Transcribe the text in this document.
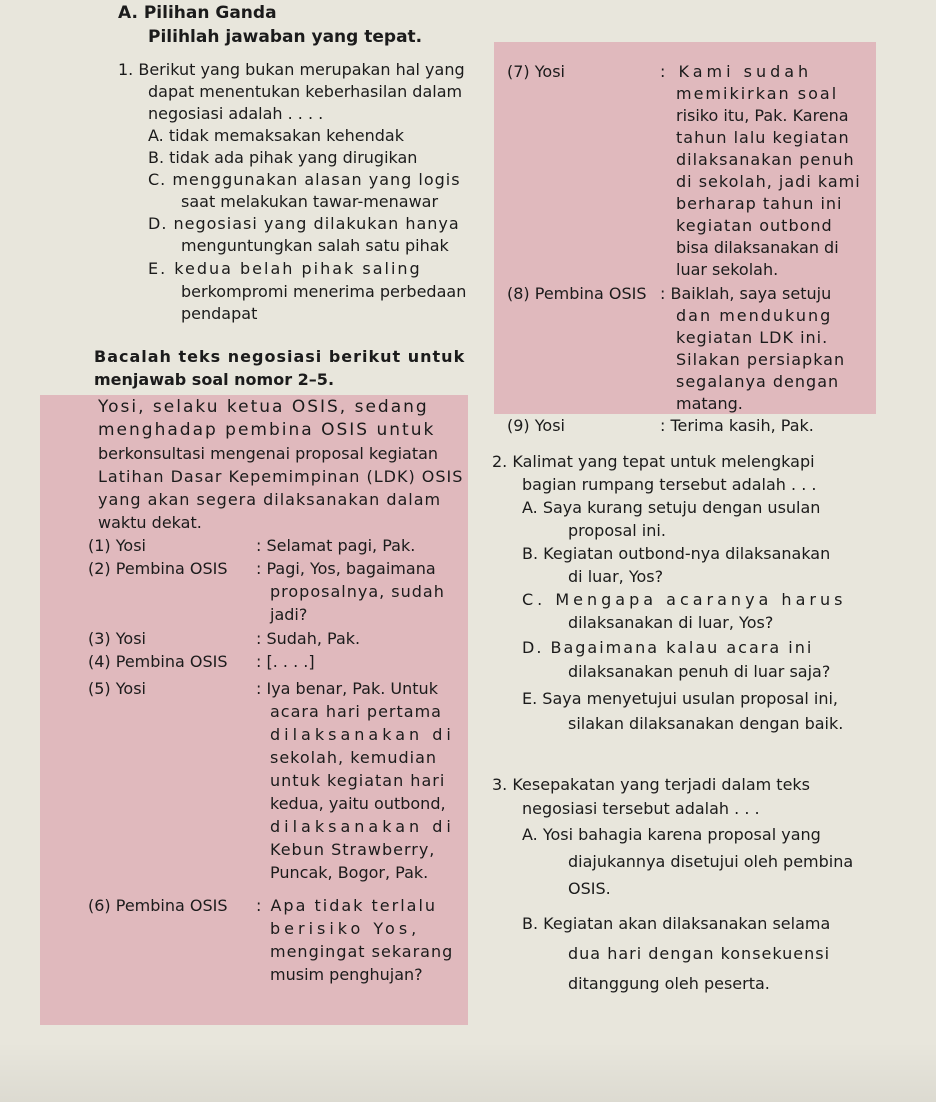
A. Pilihan Ganda
Pilihlah jawaban yang tepat.
1. Berikut yang bukan merupakan hal yang
dapat menentukan keberhasilan dalam
negosiasi adalah . . . .
A. tidak memaksakan kehendak
B. tidak ada pihak yang dirugikan
C. menggunakan alasan yang logis
saat melakukan tawar-menawar
D. negosiasi yang dilakukan hanya
menguntungkan salah satu pihak
E. kedua belah pihak saling
berkompromi menerima perbedaan
pendapat
Bacalah teks negosiasi berikut untuk
menjawab soal nomor 2–5.
Yosi, selaku ketua OSIS, sedang
menghadap pembina OSIS untuk
berkonsultasi mengenai proposal kegiatan
Latihan Dasar Kepemimpinan (LDK) OSIS
yang akan segera dilaksanakan dalam
waktu dekat.
(1) Yosi	: Selamat pagi, Pak.
(2) Pembina OSIS : Pagi, Yos, bagaimana
proposalnya, sudah
jadi?
(3) Yosi	: Sudah, Pak.
(4) Pembina OSIS : [. . . .]
(5) Yosi	: Iya benar, Pak. Untuk
acara hari pertama
dilaksanakan di
sekolah, kemudian
untuk kegiatan hari
kedua, yaitu outbond,
dilaksanakan di
Kebun Strawberry,
Puncak, Bogor, Pak.
(6) Pembina OSIS : Apa tidak terlalu
berisiko Yos,
mengingat sekarang
musim penghujan?
(7) Yosi	: Kami sudah
memikirkan soal
risiko itu, Pak. Karena
tahun lalu kegiatan
dilaksanakan penuh
di sekolah, jadi kami
berharap tahun ini
kegiatan outbond
bisa dilaksanakan di
luar sekolah.
(8) Pembina OSIS : Baiklah, saya setuju
dan mendukung
kegiatan LDK ini.
Silakan persiapkan
segalanya dengan
matang.
(9) Yosi	: Terima kasih, Pak.
2. Kalimat yang tepat untuk melengkapi
bagian rumpang tersebut adalah . . .
A. Saya kurang setuju dengan usulan
proposal ini.
B. Kegiatan outbond-nya dilaksanakan
di luar, Yos?
C. Mengapa acaranya harus
dilaksanakan di luar, Yos?
D. Bagaimana kalau acara ini
dilaksanakan penuh di luar saja?
E. Saya menyetujui usulan proposal ini,
silakan dilaksanakan dengan baik.
3. Kesepakatan yang terjadi dalam teks
negosiasi tersebut adalah . . .
A. Yosi bahagia karena proposal yang
diajukannya disetujui oleh pembina
OSIS.
B. Kegiatan akan dilaksanakan selama
dua hari dengan konsekuensi
ditanggung oleh peserta.
